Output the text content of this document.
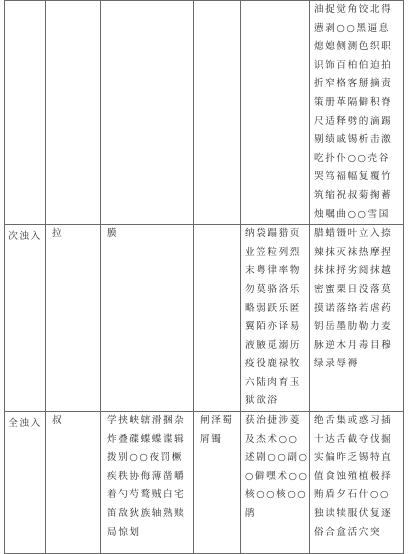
					油捉觉角饺北得懑剥○○黑逼息熄媳侧测色织职识饰百柏伯迫拍折窄格客掰摘责策册革隔僻积脊尺适释劈的滴踢剔绩戚锡析击激吃扑仆○○壳谷哭笃福幅复覆竹筑缩祝叔菊掬蓄烛嘱曲○○雪国

次浊入	拉	膜		纳袋蹋猎页业笠粒列烈末粤律率物勿莫骆洛乐略弱跃乐匿翼陌亦译易液腋觅溺历疫役鹿禄牧六陆肉育玉狱欲浴	腊蜡镊叶立入捺辣抹灭袜热摩捏抹抹捋劣阅抹越密蜜栗日没落莫摸诺落络若虐药钥岳墨肋勒力麦脉逆木月毒目穆绿录辱褥

全浊入	叔	学挟峡辖滑捆杂炸叠碟蝶蝶谍辑拨别○○夜罚橛疾秩协侮薄凿嚼着勺芍鹜贼白宅笛敌狄族轴熟赎局惊划	闸泽蜀屑镯	获治捷涉菱及杰术○○述剧○○副○○僻嘿术○○核○○核○○鹃	绝舌集或惑习插十达舌截夺伐掘实偏昨乏锡特直值食蚀殖植极择贿盾夕石什○○独读犊服伏复逐俗合盒活穴突
